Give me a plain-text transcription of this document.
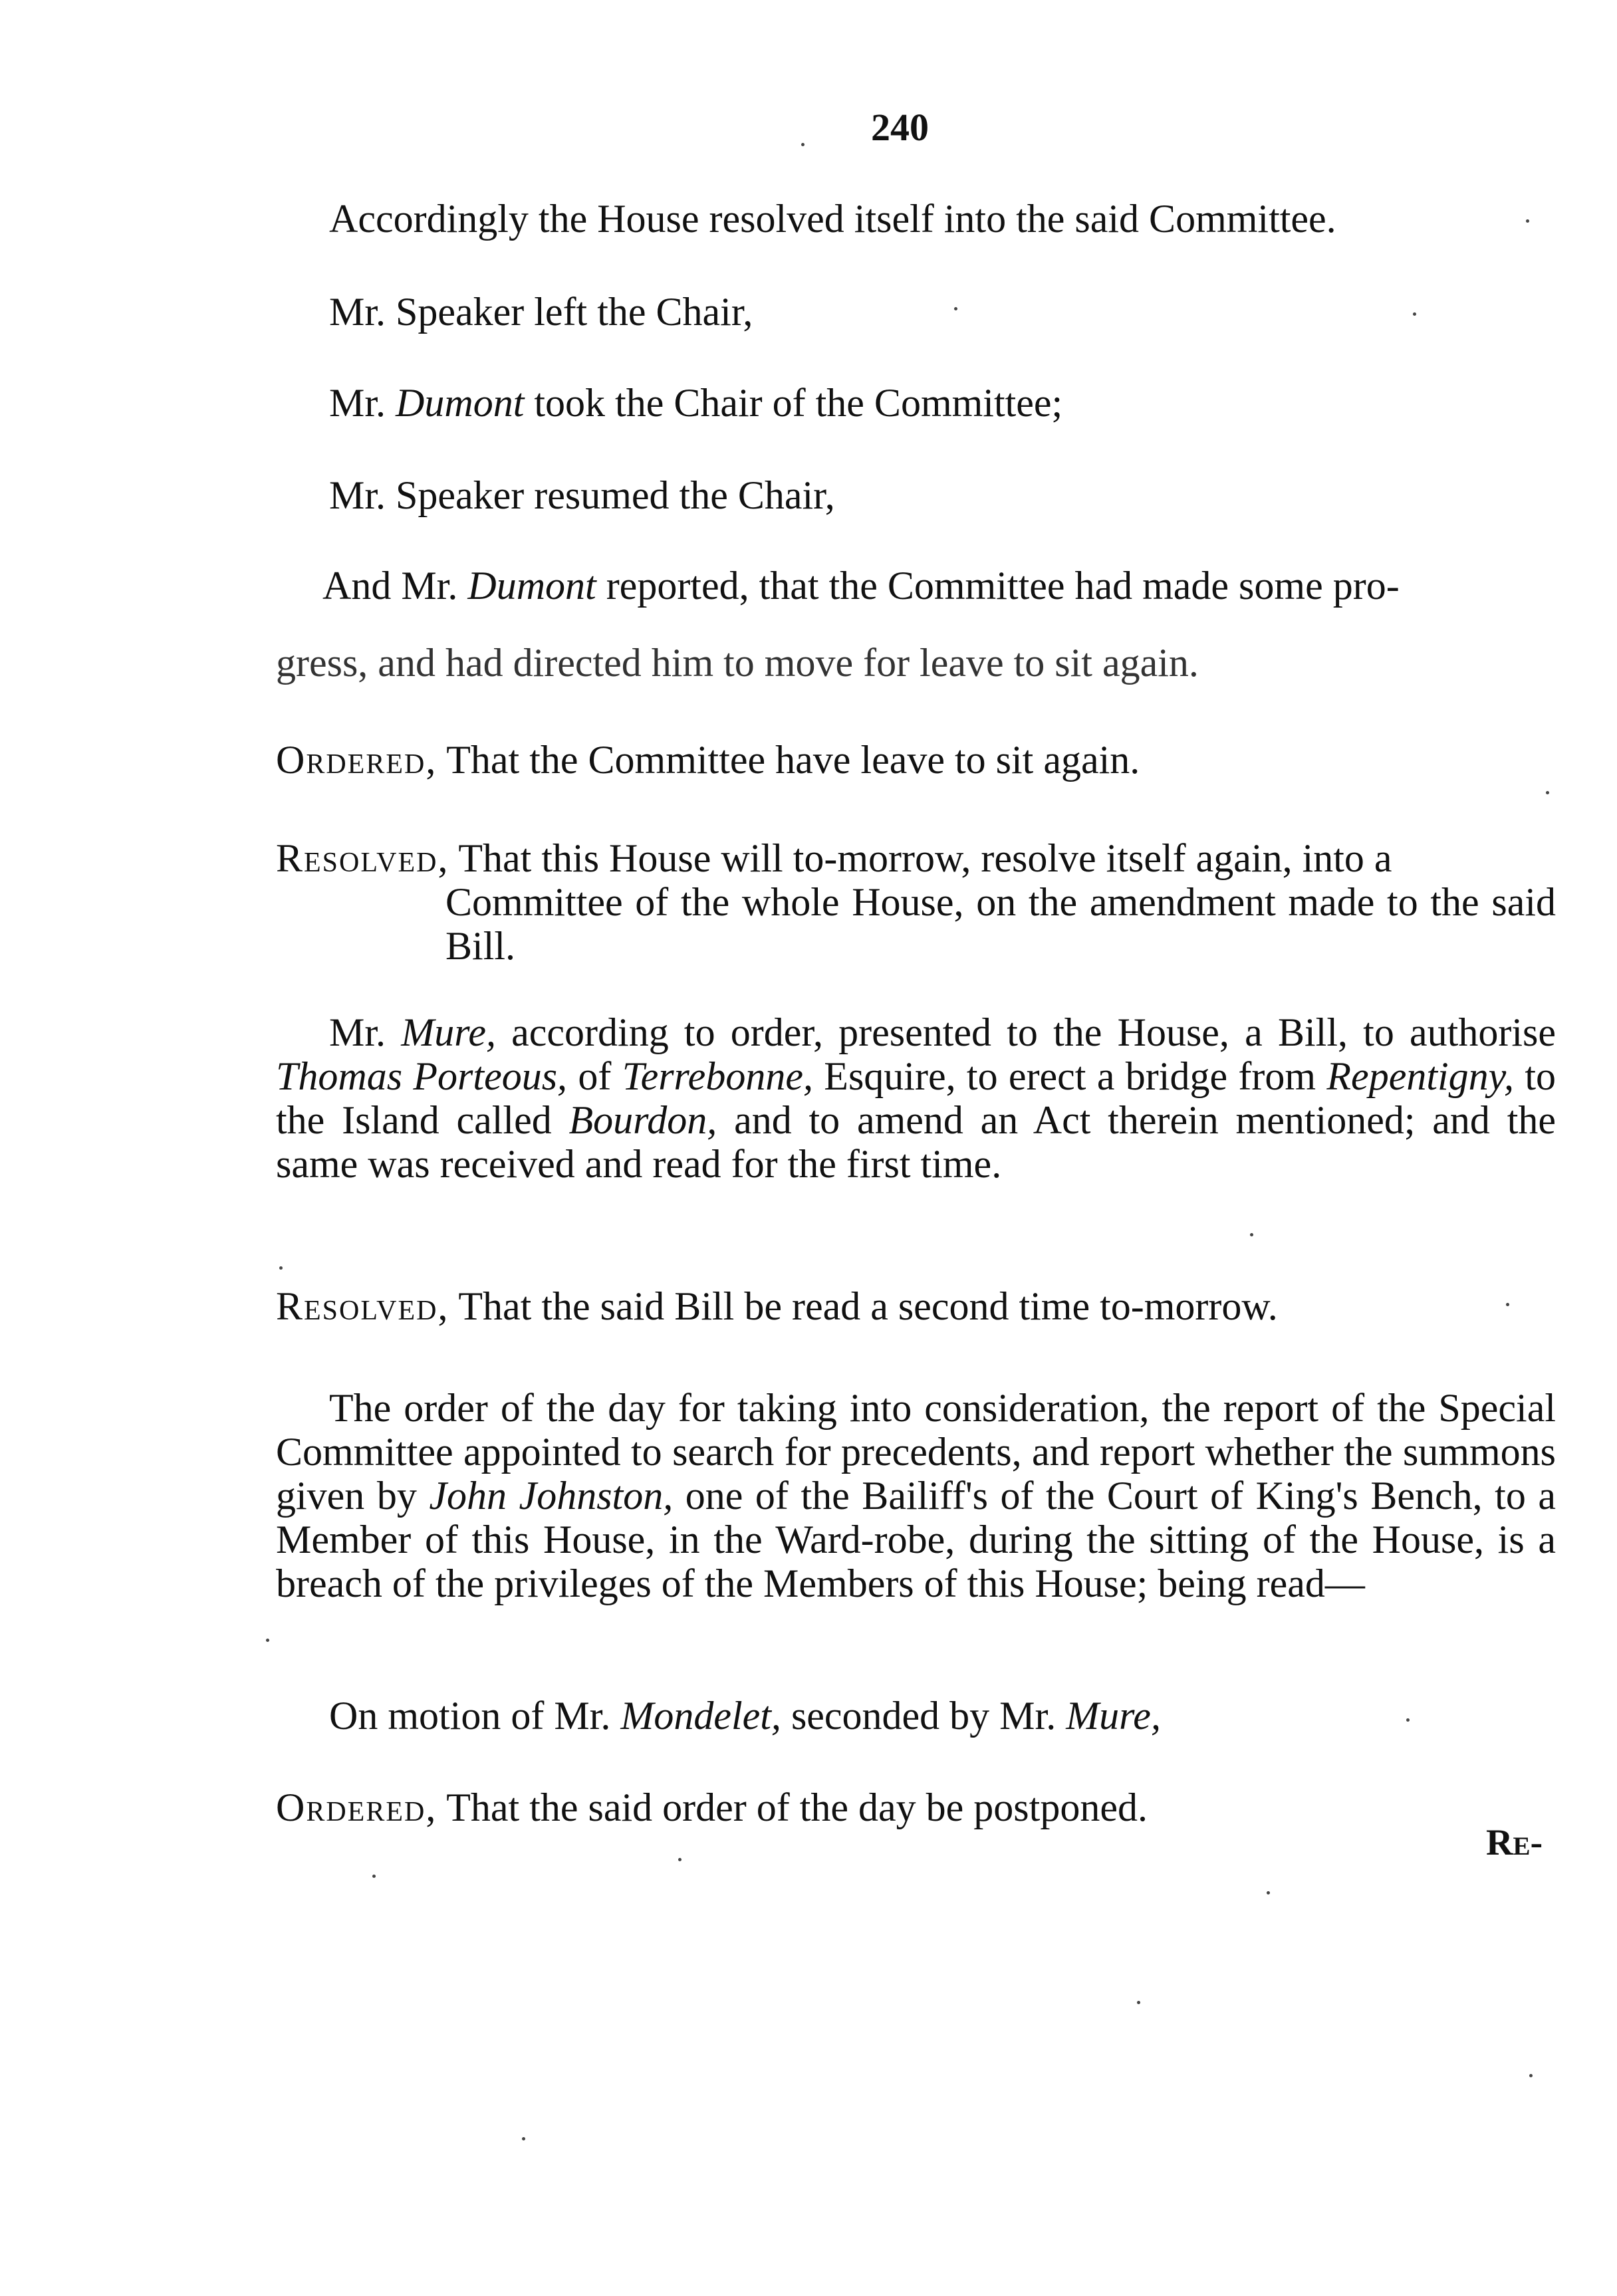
240
Accordingly the House resolved itself into the said Committee.
Mr. Speaker left the Chair,
Mr. Dumont took the Chair of the Committee;
Mr. Speaker resumed the Chair,
And Mr. Dumont reported, that the Committee had made some pro-
gress, and had directed him to move for leave to sit again.
Ordered, That the Committee have leave to sit again.
Resolved, That this House will to-morrow, resolve itself again, into a
Committee of the whole House, on the amendment made to the said Bill.

Mr. Mure, according to order, presented to the House, a Bill, to authorise Thomas Porteous, of Terrebonne, Esquire, to erect a bridge from Repentigny, to the Island called Bourdon, and to amend an Act therein mentioned; and the same was received and read for the first time.

Resolved, That the said Bill be read a second time to-morrow.

The order of the day for taking into consideration, the report of the Special Committee appointed to search for precedents, and report whether the summons given by John Johnston, one of the Bailiff's of the Court of King's Bench, to a Member of this House, in the Ward-robe, during the sitting of the House, is a breach of the privileges of the Members of this House; being read—

On motion of Mr. Mondelet, seconded by Mr. Mure,
Ordered, That the said order of the day be postponed.
Re-
